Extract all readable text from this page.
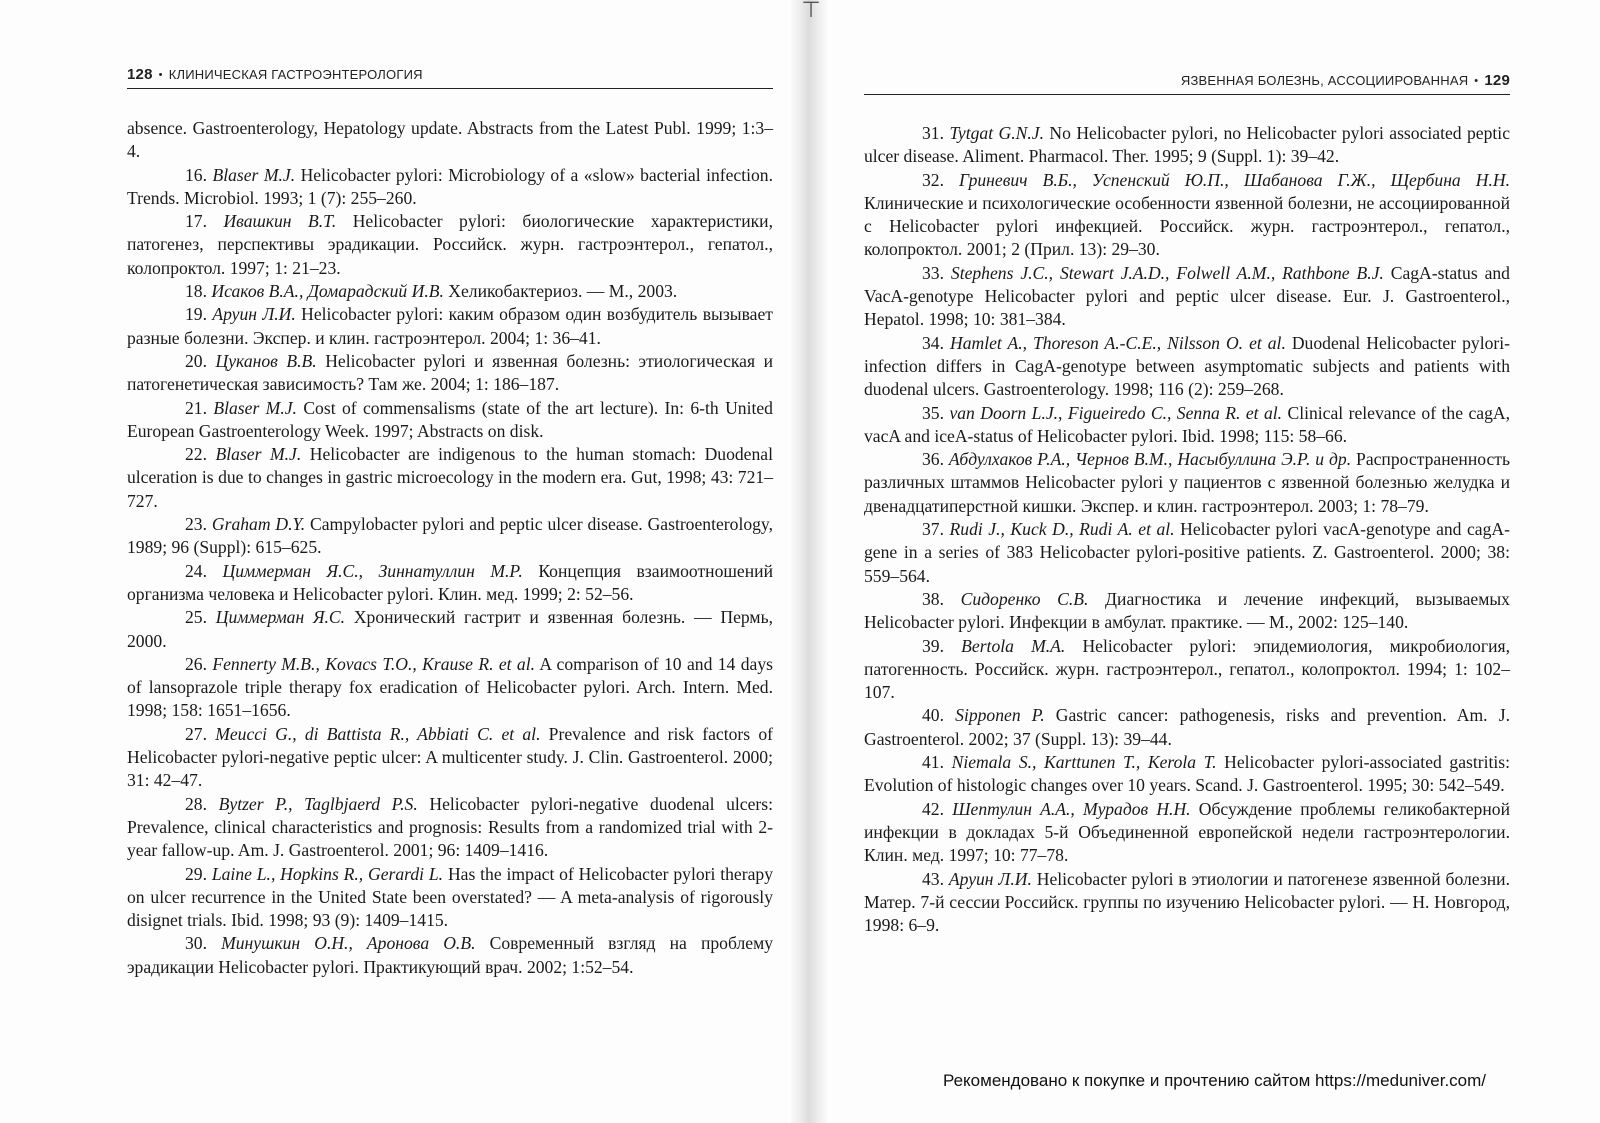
⊤
128 • КЛИНИЧЕСКАЯ ГАСТРОЭНТЕРОЛОГИЯ

absence. Gastroenterology, Hepatology update. Abstracts from the Latest Publ. 1999; 1:3–4.

16. Blaser M.J. Helicobacter pylori: Microbiology of a «slow» bacterial infection. Trends. Microbiol. 1993; 1 (7): 255–260.

17. Ивашкин В.Т. Helicobacter pylori: биологические характеристики, патогенез, перспективы эрадикации. Российск. журн. гастроэнтерол., гепатол., колопроктол. 1997; 1: 21–23.

18. Исаков В.А., Домарадский И.В. Хеликобактериоз. — М., 2003.

19. Аруин Л.И. Helicobacter pylori: каким образом один возбудитель вызывает разные болезни. Экспер. и клин. гастроэнтерол. 2004; 1: 36–41.

20. Цуканов В.В. Helicobacter pylori и язвенная болезнь: этиологическая и патогенетическая зависимость? Там же. 2004; 1: 186–187.

21. Blaser M.J. Cost of commensalisms (state of the art lecture). In: 6-th United European Gastroenterology Week. 1997; Abstracts on disk.

22. Blaser M.J. Helicobacter are indigenous to the human stomach: Duodenal ulceration is due to changes in gastric microecology in the modern era. Gut, 1998; 43: 721–727.

23. Graham D.Y. Campylobacter pylori and peptic ulcer disease. Gastroenterology, 1989; 96 (Suppl): 615–625.

24. Циммерман Я.С., Зиннатуллин М.Р. Концепция взаимоотношений организма человека и Helicobacter pylori. Клин. мед. 1999; 2: 52–56.

25. Циммерман Я.С. Хронический гастрит и язвенная болезнь. — Пермь, 2000.

26. Fennerty M.B., Kovacs T.O., Krause R. et al. A comparison of 10 and 14 days of lansoprazole triple therapy fox eradication of Helicobacter pylori. Arch. Intern. Med. 1998; 158: 1651–1656.

27. Meucci G., di Battista R., Abbiati C. et al. Prevalence and risk factors of Helicobacter pylori-negative peptic ulcer: A multicenter study. J. Clin. Gastroenterol. 2000; 31: 42–47.

28. Bytzer P., Taglbjaerd P.S. Helicobacter pylori-negative duodenal ulcers: Prevalence, clinical characteristics and prognosis: Results from a randomized trial with 2-year fallow-up. Am. J. Gastroenterol. 2001; 96: 1409–1416.

29. Laine L., Hopkins R., Gerardi L. Has the impact of Helicobacter pylori therapy on ulcer recurrence in the United State been overstated? — A meta-analysis of rigorously disignet trials. Ibid. 1998; 93 (9): 1409–1415.

30. Минушкин О.Н., Аронова О.В. Современный взгляд на проблему эрадикации Helicobacter pylori. Практикующий врач. 2002; 1:52–54.

ЯЗВЕННАЯ БОЛЕЗНЬ, АССОЦИИРОВАННАЯ • 129

31. Tytgat G.N.J. No Helicobacter pylori, no Helicobacter pylori associated peptic ulcer disease. Aliment. Pharmacol. Ther. 1995; 9 (Suppl. 1): 39–42.

32. Гриневич В.Б., Успенский Ю.П., Шабанова Г.Ж., Щербина Н.Н. Клинические и психологические особенности язвенной болезни, не ассоциированной с Helicobacter pylori инфекцией. Российск. журн. гастроэнтерол., гепатол., колопроктол. 2001; 2 (Прил. 13): 29–30.

33. Stephens J.C., Stewart J.A.D., Folwell A.M., Rathbone B.J. CagA-status and VacA-genotype Helicobacter pylori and peptic ulcer disease. Eur. J. Gastroenterol., Hepatol. 1998; 10: 381–384.

34. Hamlet A., Thoreson A.-C.E., Nilsson O. et al. Duodenal Helicobacter pylori-infection differs in CagA-genotype between asymptomatic subjects and patients with duodenal ulcers. Gastroenterology. 1998; 116 (2): 259–268.

35. van Doorn L.J., Figueiredo C., Senna R. et al. Clinical relevance of the cagA, vacA and iceA-status of Helicobacter pylori. Ibid. 1998; 115: 58–66.

36. Абдулхаков Р.А., Чернов В.М., Насыбуллина Э.Р. и др. Распространенность различных штаммов Helicobacter pylori у пациентов с язвенной болезнью желудка и двенадцатиперстной кишки. Экспер. и клин. гастроэнтерол. 2003; 1: 78–79.

37. Rudi J., Kuck D., Rudi A. et al. Helicobacter pylori vacA-genotype and cagA-gene in a series of 383 Helicobacter pylori-positive patients. Z. Gastroenterol. 2000; 38: 559–564.

38. Сидоренко С.В. Диагностика и лечение инфекций, вызываемых Helicobacter pylori. Инфекции в амбулат. практике. — М., 2002: 125–140.

39. Bertola M.A. Helicobacter pylori: эпидемиология, микробиология, патогенность. Российск. журн. гастроэнтерол., гепатол., колопроктол. 1994; 1: 102–107.

40. Sipponen P. Gastric cancer: pathogenesis, risks and prevention. Am. J. Gastroenterol. 2002; 37 (Suppl. 13): 39–44.

41. Niemala S., Karttunen T., Kerola T. Helicobacter pylori-associated gastritis: Evolution of histologic changes over 10 years. Scand. J. Gastroenterol. 1995; 30: 542–549.

42. Шептулин А.А., Мурадов Н.Н. Обсуждение проблемы геликобактерной инфекции в докладах 5-й Объединенной европейской недели гастроэнтерологии. Клин. мед. 1997; 10: 77–78.

43. Аруин Л.И. Helicobacter pylori в этиологии и патогенезе язвенной болезни. Матер. 7-й сессии Российск. группы по изучению Helicobacter pylori. — Н. Новгород, 1998: 6–9.

Рекомендовано к покупке и прочтению сайтом https://meduniver.com/
